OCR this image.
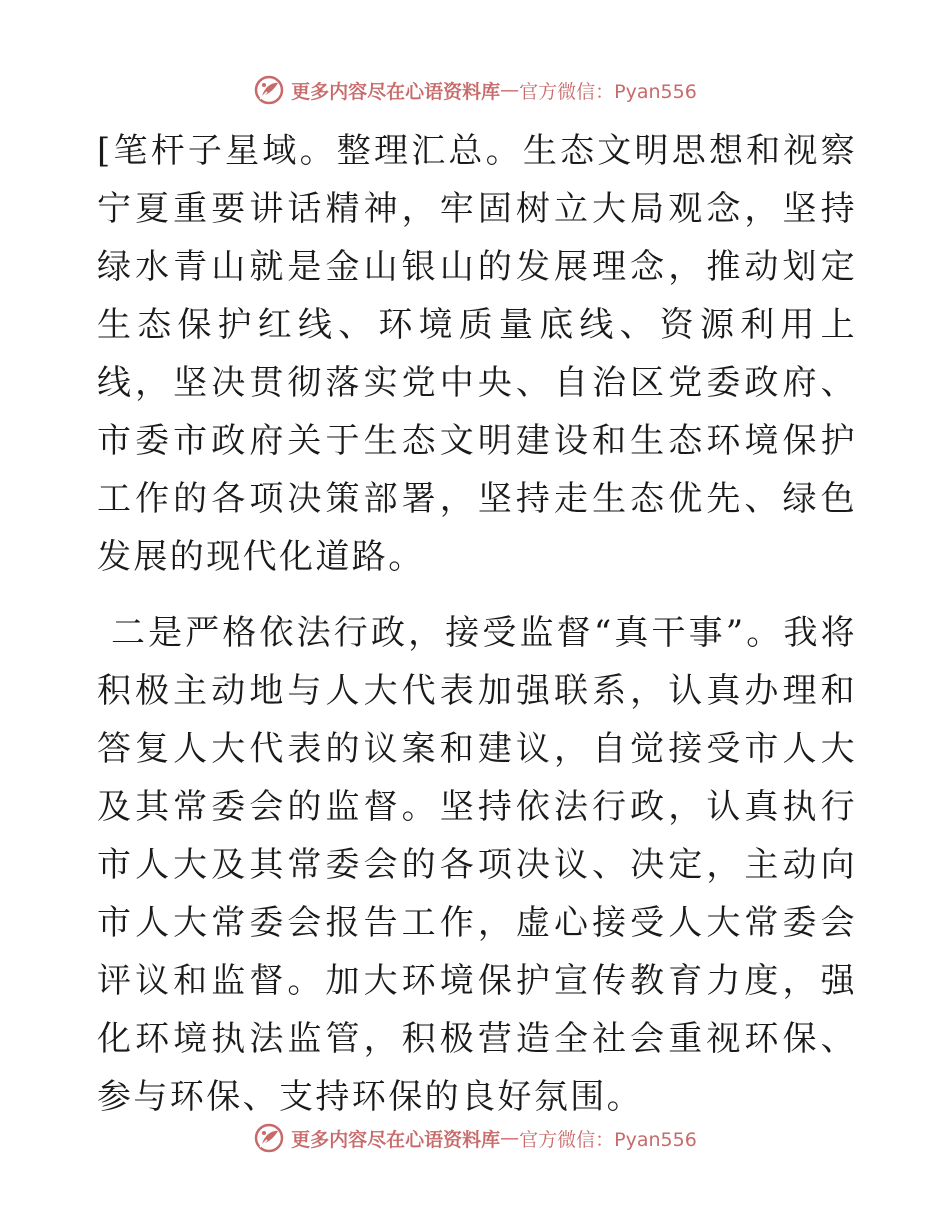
更多内容尽在心语资料库 — 官方微信：Pyan556

[笔杆子星域。整理汇总。生态文明思想和视察宁夏重要讲话精神，牢固树立大局观念，坚持绿水青山就是金山银山的发展理念，推动划定生态保护红线、环境质量底线、资源利用上线，坚决贯彻落实党中央、自治区党委政府、市委市政府关于生态文明建设和生态环境保护工作的各项决策部署，坚持走生态优先、绿色发展的现代化道路。

二是严格依法行政，接受监督“真干事”。我将积极主动地与人大代表加强联系，认真办理和答复人大代表的议案和建议，自觉接受市人大及其常委会的监督。坚持依法行政，认真执行市人大及其常委会的各项决议、决定，主动向市人大常委会报告工作，虚心接受人大常委会评议和监督。加大环境保护宣传教育力度，强化环境执法监管，积极营造全社会重视环保、参与环保、支持环保的良好氛围。

更多内容尽在心语资料库 — 官方微信：Pyan556
